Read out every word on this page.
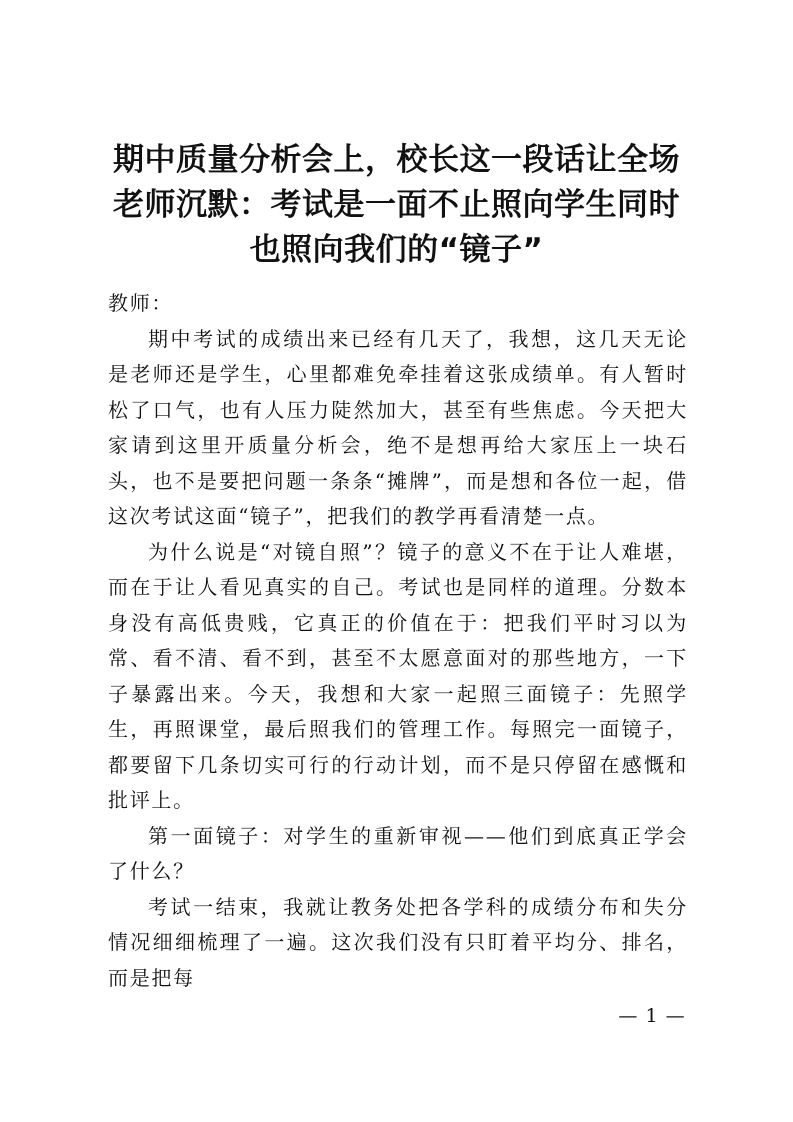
期中质量分析会上，校长这一段话让全场
老师沉默：考试是一面不止照向学生同时
也照向我们的“镜子”

教师：

期中考试的成绩出来已经有几天了，我想，这几天无论是老师还是学生，心里都难免牵挂着这张成绩单。有人暂时松了口气，也有人压力陡然加大，甚至有些焦虑。今天把大家请到这里开质量分析会，绝不是想再给大家压上一块石头，也不是要把问题一条条“摊牌”，而是想和各位一起，借这次考试这面“镜子”，把我们的教学再看清楚一点。

为什么说是“对镜自照”？镜子的意义不在于让人难堪，而在于让人看见真实的自己。考试也是同样的道理。分数本身没有高低贵贱，它真正的价值在于：把我们平时习以为常、看不清、看不到，甚至不太愿意面对的那些地方，一下子暴露出来。今天，我想和大家一起照三面镜子：先照学生，再照课堂，最后照我们的管理工作。每照完一面镜子，都要留下几条切实可行的行动计划，而不是只停留在感慨和批评上。

第一面镜子：对学生的重新审视——他们到底真正学会了什么？

考试一结束，我就让教务处把各学科的成绩分布和失分情况细细梳理了一遍。这次我们没有只盯着平均分、排名，而是把每

— 1 —
